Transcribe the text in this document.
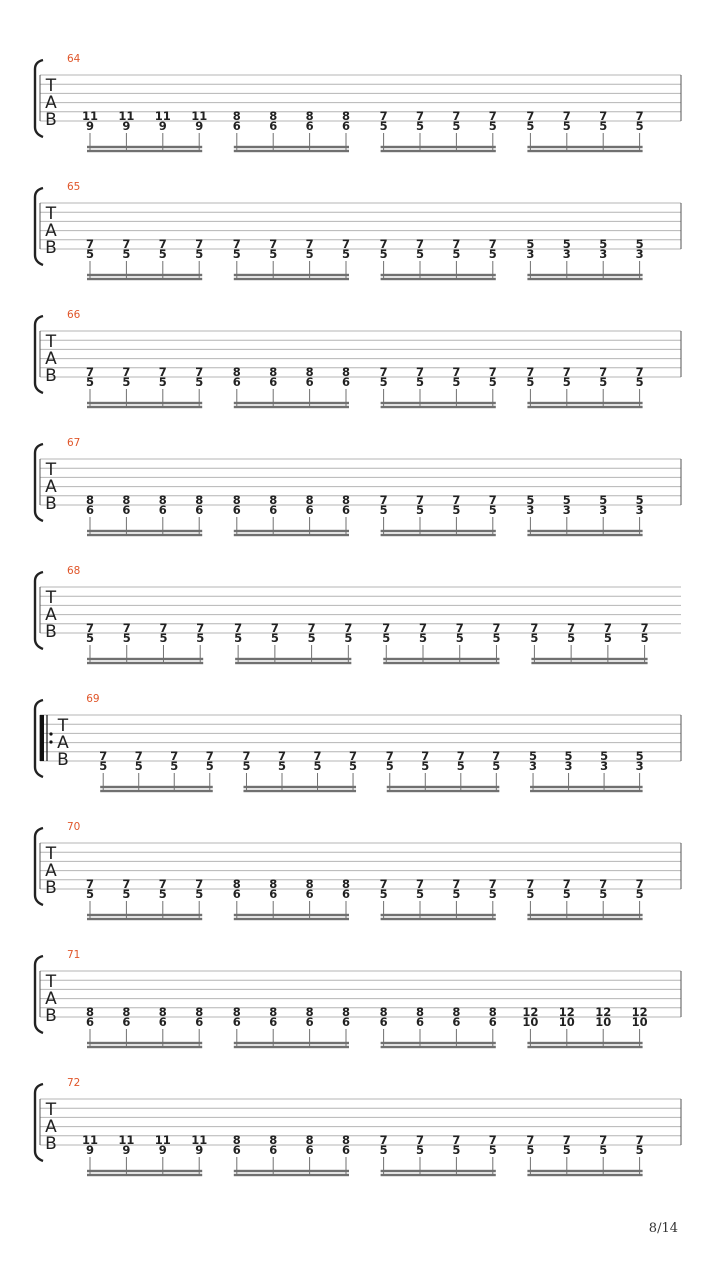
T
A
B
64
11
9
11
9
11
9
11
9
8
6
8
6
8
6
8
6
7
5
7
5
7
5
7
5
7
5
7
5
7
5
7
5
T
A
B
65
7
5
7
5
7
5
7
5
7
5
7
5
7
5
7
5
7
5
7
5
7
5
7
5
5
3
5
3
5
3
5
3
T
A
B
66
7
5
7
5
7
5
7
5
8
6
8
6
8
6
8
6
7
5
7
5
7
5
7
5
7
5
7
5
7
5
7
5
T
A
B
67
8
6
8
6
8
6
8
6
8
6
8
6
8
6
8
6
7
5
7
5
7
5
7
5
5
3
5
3
5
3
5
3
T
A
B
68
7
5
7
5
7
5
7
5
7
5
7
5
7
5
7
5
7
5
7
5
7
5
7
5
7
5
7
5
7
5
7
5
T
A
B
69
7
5
7
5
7
5
7
5
7
5
7
5
7
5
7
5
7
5
7
5
7
5
7
5
5
3
5
3
5
3
5
3
T
A
B
70
7
5
7
5
7
5
7
5
8
6
8
6
8
6
8
6
7
5
7
5
7
5
7
5
7
5
7
5
7
5
7
5
T
A
B
71
8
6
8
6
8
6
8
6
8
6
8
6
8
6
8
6
8
6
8
6
8
6
8
6
12
10
12
10
12
10
12
10
T
A
B
72
11
9
11
9
11
9
11
9
8
6
8
6
8
6
8
6
7
5
7
5
7
5
7
5
7
5
7
5
7
5
7
5
8/14
